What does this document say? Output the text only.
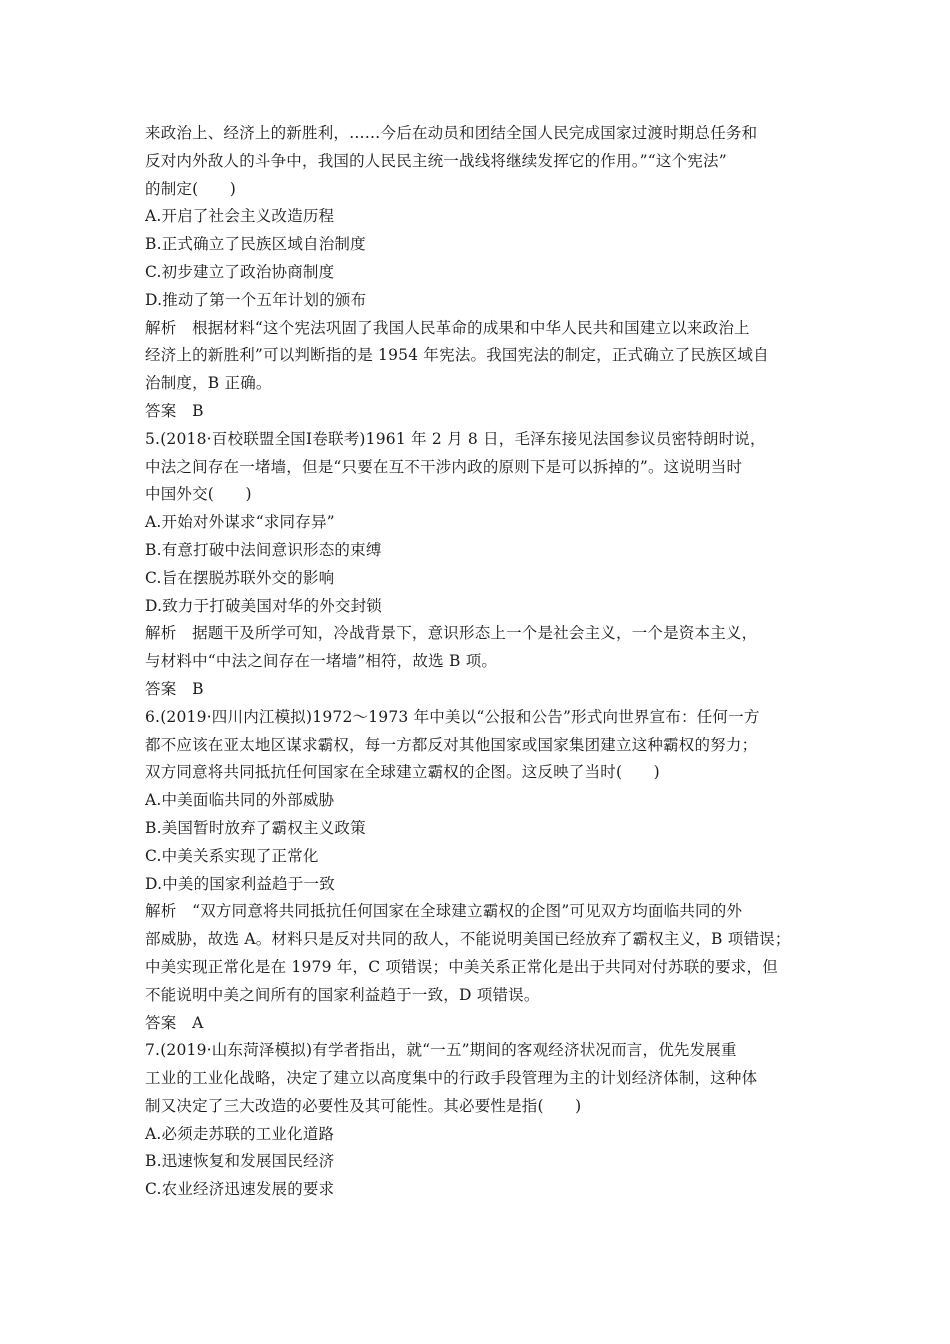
来政治上、经济上的新胜利，……今后在动员和团结全国人民完成国家过渡时期总任务和
反对内外敌人的斗争中，我国的人民民主统一战线将继续发挥它的作用。”“这个宪法”
的制定(　　)
A.开启了社会主义改造历程
B.正式确立了民族区域自治制度
C.初步建立了政治协商制度
D.推动了第一个五年计划的颁布
解析　根据材料“这个宪法巩固了我国人民革命的成果和中华人民共和国建立以来政治上
经济上的新胜利”可以判断指的是 1954 年宪法。我国宪法的制定，正式确立了民族区域自
治制度，B 正确。
答案　B
5.(2018·百校联盟全国Ⅰ卷联考)1961 年 2 月 8 日，毛泽东接见法国参议员密特朗时说，
中法之间存在一堵墙，但是“只要在互不干涉内政的原则下是可以拆掉的”。这说明当时
中国外交(　　)
A.开始对外谋求“求同存异”
B.有意打破中法间意识形态的束缚
C.旨在摆脱苏联外交的影响
D.致力于打破美国对华的外交封锁
解析　据题干及所学可知，冷战背景下，意识形态上一个是社会主义，一个是资本主义，
与材料中“中法之间存在一堵墙”相符，故选 B 项。
答案　B
6.(2019·四川内江模拟)1972～1973 年中美以“公报和公告”形式向世界宣布：任何一方
都不应该在亚太地区谋求霸权，每一方都反对其他国家或国家集团建立这种霸权的努力；
双方同意将共同抵抗任何国家在全球建立霸权的企图。这反映了当时(　　)
A.中美面临共同的外部威胁
B.美国暂时放弃了霸权主义政策
C.中美关系实现了正常化
D.中美的国家利益趋于一致
解析　“双方同意将共同抵抗任何国家在全球建立霸权的企图”可见双方均面临共同的外
部威胁，故选 A。材料只是反对共同的敌人，不能说明美国已经放弃了霸权主义，B 项错误；
中美实现正常化是在 1979 年，C 项错误；中美关系正常化是出于共同对付苏联的要求，但
不能说明中美之间所有的国家利益趋于一致，D 项错误。
答案　A
7.(2019·山东菏泽模拟)有学者指出，就“一五”期间的客观经济状况而言，优先发展重
工业的工业化战略，决定了建立以高度集中的行政手段管理为主的计划经济体制，这种体
制又决定了三大改造的必要性及其可能性。其必要性是指(　　)
A.必须走苏联的工业化道路
B.迅速恢复和发展国民经济
C.农业经济迅速发展的要求
